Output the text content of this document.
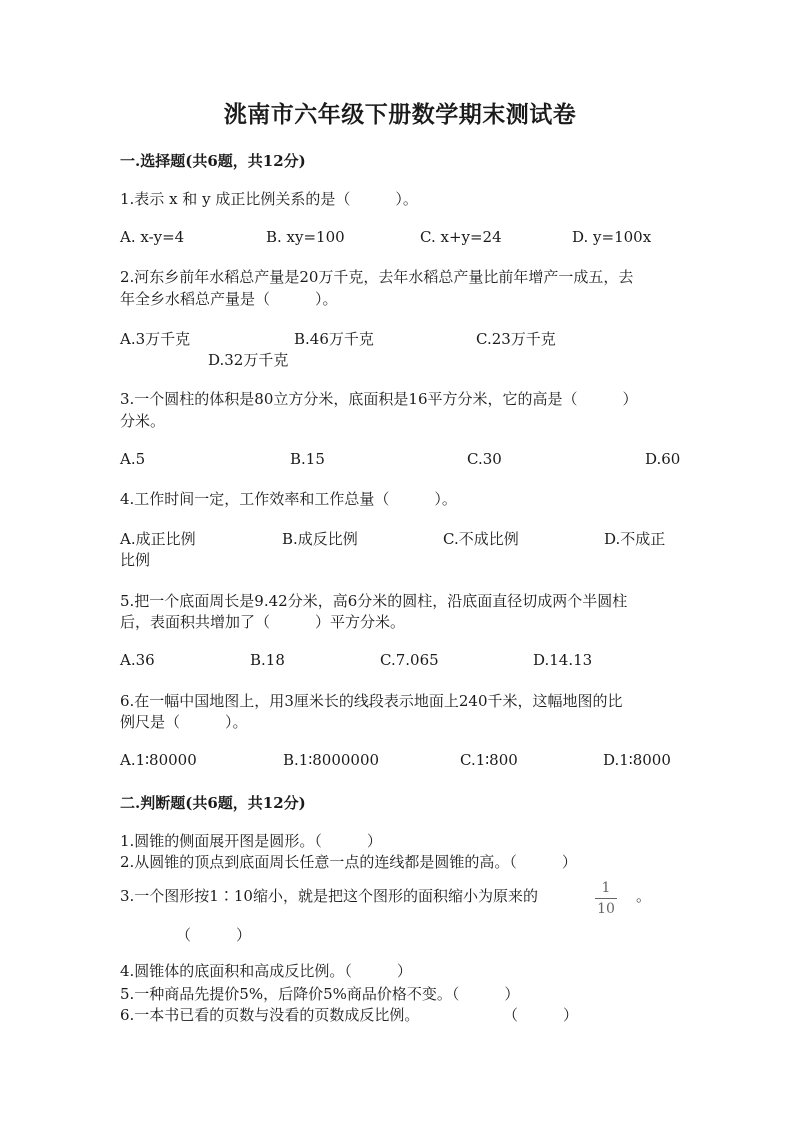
洮南市六年级下册数学期末测试卷
一.选择题(共6题，共12分)
1.表示 x 和 y 成正比例关系的是（　　　）。
A. x-y=4	B. xy=100	C. x+y=24	D. y=100x
2.河东乡前年水稻总产量是20万千克，去年水稻总产量比前年增产一成五，去
年全乡水稻总产量是（　　　）。
A.3万千克	B.46万千克	C.23万千克
D.32万千克
3.一个圆柱的体积是80立方分米，底面积是16平方分米，它的高是（　　　）
分米。
A.5	B.15	C.30	D.60
4.工作时间一定，工作效率和工作总量（　　　）。
A.成正比例	B.成反比例	C.不成比例	D.不成正
比例
5.把一个底面周长是9.42分米，高6分米的圆柱，沿底面直径切成两个半圆柱
后，表面积共增加了（　　　）平方分米。
A.36	B.18	C.7.065	D.14.13
6.在一幅中国地图上，用3厘米长的线段表示地面上240千米，这幅地图的比
例尺是（　　　）。
A.1∶80000	B.1∶8000000	C.1∶800	D.1∶8000
二.判断题(共6题，共12分)
1.圆锥的侧面展开图是圆形。（　　　）
2.从圆锥的顶点到底面周长任意一点的连线都是圆锥的高。（　　　）
3.一个图形按1∶10缩小，就是把这个图形的面积缩小为原来的	1
10
。
（　　　）
4.圆锥体的底面积和高成反比例。（　　　）
5.一种商品先提价5%，后降价5%商品价格不变。（　　　）
6.一本书已看的页数与没看的页数成反比例。	（　　　）
